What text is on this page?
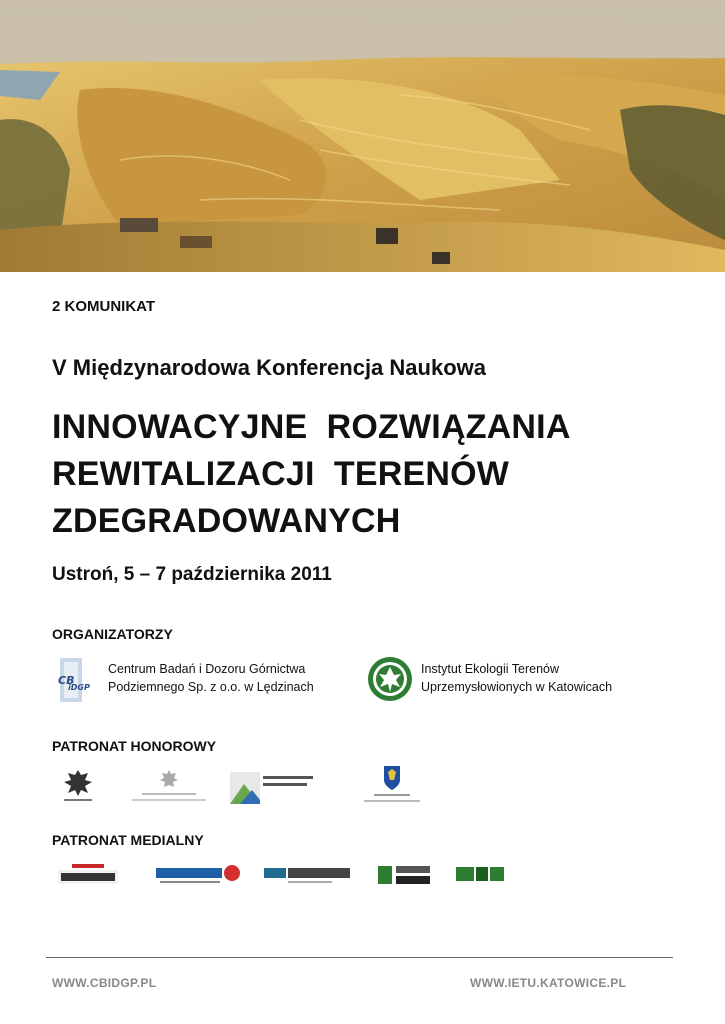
2 KOMUNIKAT
V Międzynarodowa Konferencja Naukowa
INNOWACYJNE  ROZWIĄZANIA
REWITALIZACJI  TERENÓW
ZDEGRADOWANYCH
Ustroń, 5 – 7 października 2011
ORGANIZATORZY
CB
iDGP
Centrum Badań i Dozoru Górnictwa
Podziemnego Sp. z o.o. w Lędzinach
Instytut Ekologii Terenów
Uprzemysłowionych w Katowicach
PATRONAT HONOROWY
PATRONAT MEDIALNY
WWW.CBIDGP.PL	WWW.IETU.KATOWICE.PL
